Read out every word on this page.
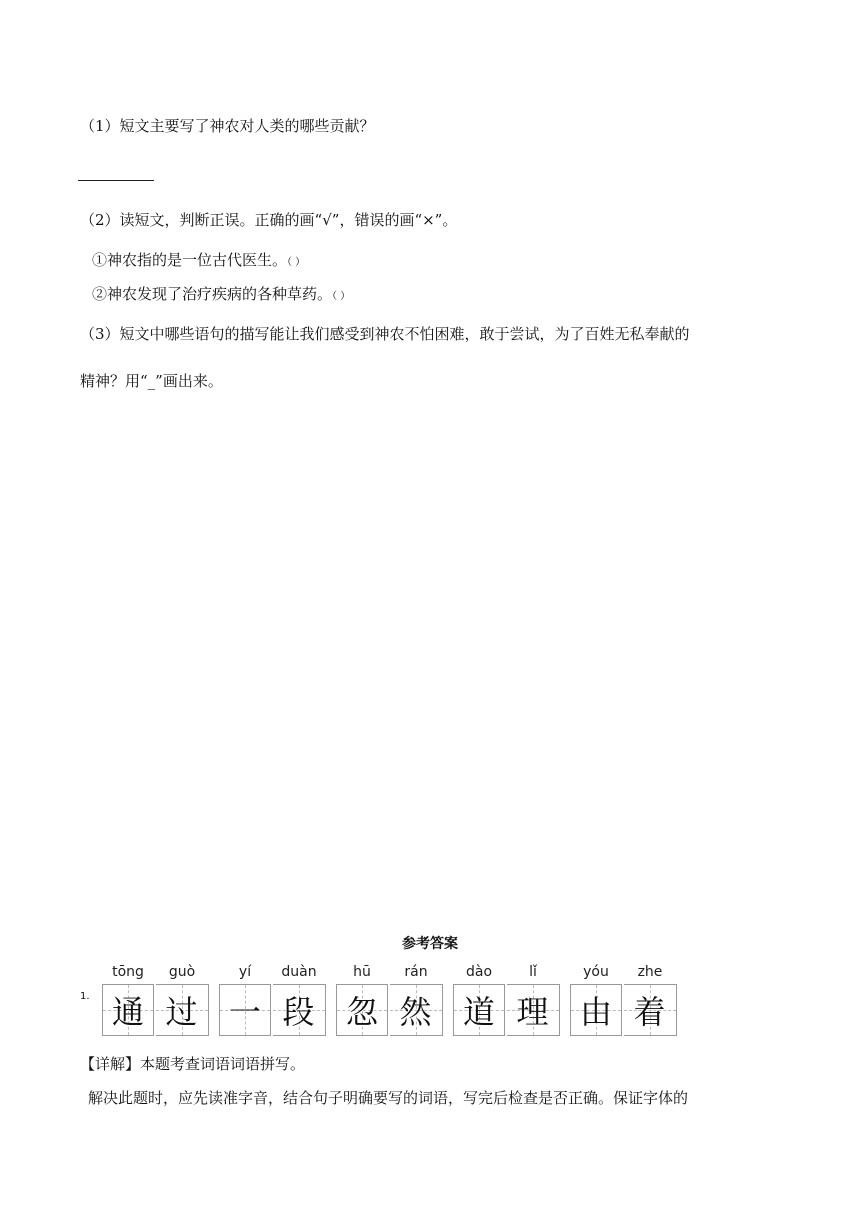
（1）短文主要写了神农对人类的哪些贡献？
（2）读短文，判断正误。正确的画“√”，错误的画“×”。
①神农指的是一位古代医生。（ ）
②神农发现了治疗疾病的各种草药。（ ）
（3）短文中哪些语句的描写能让我们感受到神农不怕困难，敢于尝试，为了百姓无私奉献的
精神？用“_”画出来。
参考答案
1.
tōng
通
guò
过
yí
一
duàn
段
hū
忽
rán
然
dào
道
lǐ
理
yóu
由
zhe
着
【详解】本题考查词语词语拼写。
解决此题时，应先读准字音，结合句子明确要写的词语，写完后检查是否正确。保证字体的
